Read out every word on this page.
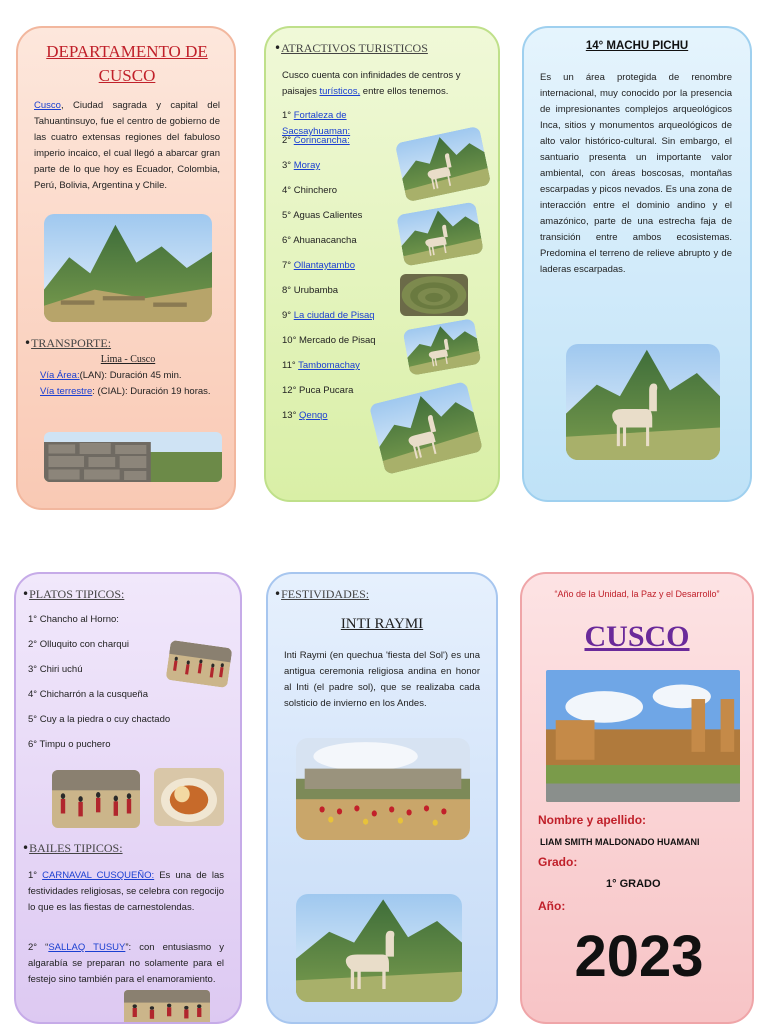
DEPARTAMENTO DE CUSCO

Cusco, Ciudad sagrada y capital del Tahuantinsuyo, fue el centro de gobierno de las cuatro extensas regiones del fabuloso imperio incaico, el cual llegó a abarcar gran parte de lo que hoy es Ecuador, Colombia, Perú, Bolivia, Argentina y Chile.

•TRANSPORTE:
Lima - Cusco

Vía Área:(LAN): Duración 45 min.

Vía terrestre: (CIAL): Duración 19 horas.

•ATRACTIVOS TURISTICOS

Cusco cuenta con infinidades de centros y paisajes turísticos, entre ellos tenemos.

1° Fortaleza de Sacsayhuaman:
2° Corincancha:
3° Moray
4° Chinchero
5° Aguas Calientes
6° Ahuanacancha
7° Ollantaytambo
8° Urubamba
9° La ciudad de Pisaq
10° Mercado de Pisaq
11° Tambomachay
12° Puca Pucara
13° Qenqo
14° MACHU PICHU

Es un área protegida de renombre internacional, muy conocido por la presencia de impresionantes complejos arqueológicos Inca, sitios y monumentos arqueológicos de alto valor histórico-cultural. Sin embargo, el santuario presenta un importante valor ambiental, con áreas boscosas, montañas escarpadas y picos nevados. Es una zona de interacción entre el dominio andino y el amazónico, parte de una estrecha faja de transición entre ambos ecosistemas. Predomina el terreno de relieve abrupto y de laderas escarpadas.

•PLATOS TIPICOS:
1° Chancho al Horno:
2° Olluquito con charqui
3° Chiri uchú
4° Chicharrón a la cusqueña
5° Cuy a la piedra o cuy chactado
6° Timpu o puchero
•BAILES TIPICOS:

1° CARNAVAL CUSQUEÑO: Es una de las festividades religiosas, se celebra con regocijo lo que es las fiestas de carnestolendas.

2° “SALLAQ TUSUY”: con entusiasmo y algarabía se preparan no solamente para el festejo sino también para el enamoramiento.

•FESTIVIDADES:
INTI RAYMI

Inti Raymi (en quechua 'fiesta del Sol') es una antigua ceremonia religiosa andina en honor al Inti (el padre sol), que se realizaba cada solsticio de invierno en los Andes.

“Año de la Unidad, la Paz y el Desarrollo”
CUSCO
Nombre y apellido:
LIAM SMITH MALDONADO HUAMANI
Grado:
1° GRADO
Año:
2023
